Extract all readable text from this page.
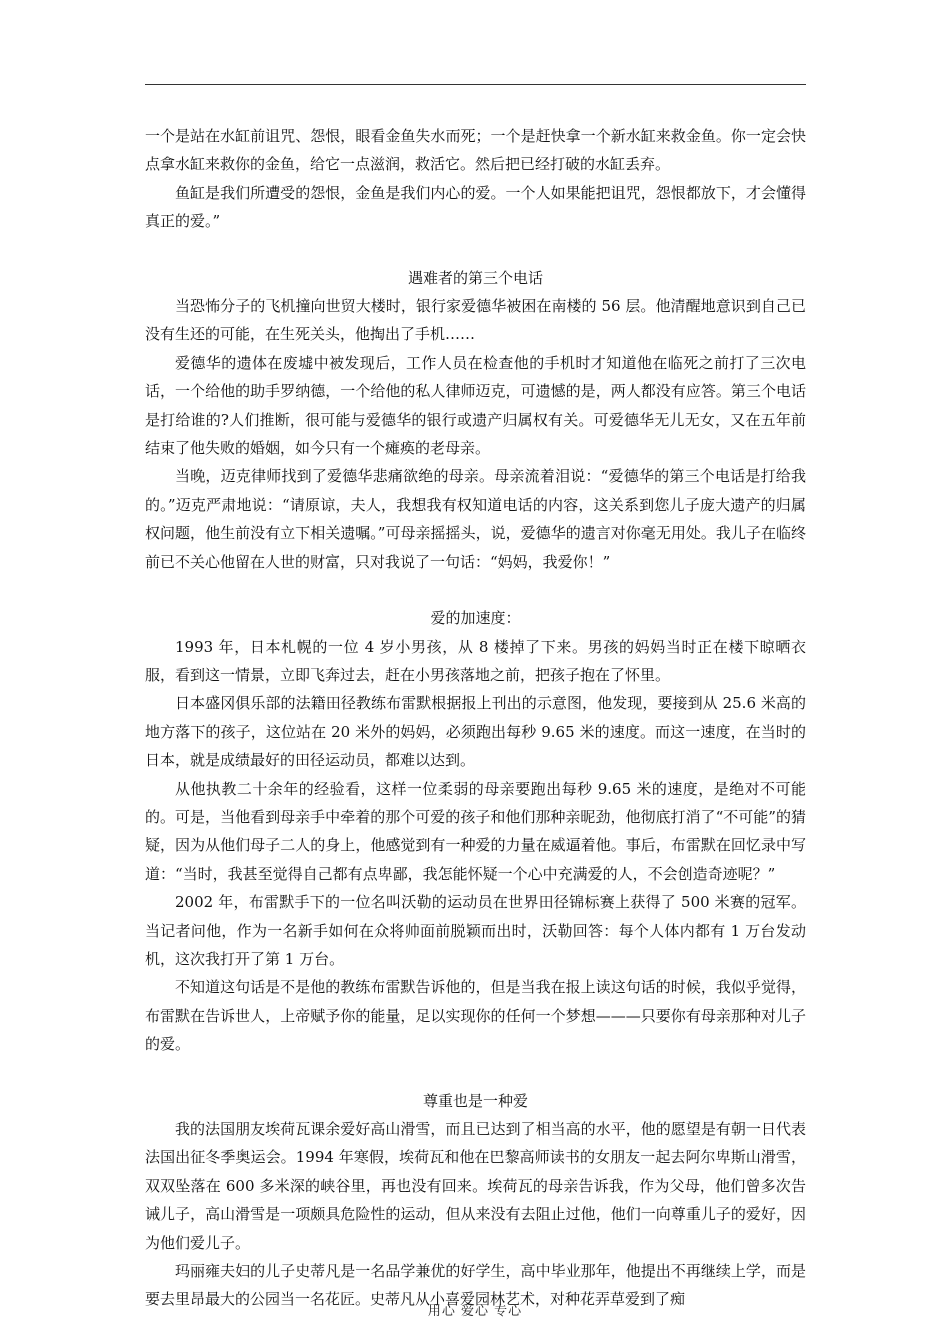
一个是站在水缸前诅咒、怨恨，眼看金鱼失水而死；一个是赶快拿一个新水缸来救金鱼。你一定会快点拿水缸来救你的金鱼，给它一点滋润，救活它。然后把已经打破的水缸丢弃。

鱼缸是我们所遭受的怨恨，金鱼是我们内心的爱。一个人如果能把诅咒，怨恨都放下，才会懂得真正的爱。”

遇难者的第三个电话

当恐怖分子的飞机撞向世贸大楼时，银行家爱德华被困在南楼的 56 层。他清醒地意识到自己已没有生还的可能，在生死关头，他掏出了手机……

爱德华的遗体在废墟中被发现后，工作人员在检查他的手机时才知道他在临死之前打了三次电话，一个给他的助手罗纳德，一个给他的私人律师迈克，可遗憾的是，两人都没有应答。第三个电话是打给谁的?人们推断，很可能与爱德华的银行或遗产归属权有关。可爱德华无儿无女，又在五年前结束了他失败的婚姻，如今只有一个瘫痪的老母亲。

当晚，迈克律师找到了爱德华悲痛欲绝的母亲。母亲流着泪说：“爱德华的第三个电话是打给我的。”迈克严肃地说：“请原谅，夫人，我想我有权知道电话的内容，这关系到您儿子庞大遗产的归属权问题，他生前没有立下相关遗嘱。”可母亲摇摇头，说，爱德华的遗言对你毫无用处。我儿子在临终前已不关心他留在人世的财富，只对我说了一句话：“妈妈，我爱你！”

爱的加速度：

1993 年，日本札幌的一位 4 岁小男孩，从 8 楼掉了下来。男孩的妈妈当时正在楼下晾晒衣服，看到这一情景，立即飞奔过去，赶在小男孩落地之前，把孩子抱在了怀里。

日本盛冈俱乐部的法籍田径教练布雷默根据报上刊出的示意图，他发现，要接到从 25.6 米高的地方落下的孩子，这位站在 20 米外的妈妈，必须跑出每秒 9.65 米的速度。而这一速度，在当时的日本，就是成绩最好的田径运动员，都难以达到。

从他执教二十余年的经验看，这样一位柔弱的母亲要跑出每秒 9.65 米的速度，是绝对不可能的。可是，当他看到母亲手中牵着的那个可爱的孩子和他们那种亲昵劲，他彻底打消了“不可能”的猜疑，因为从他们母子二人的身上，他感觉到有一种爱的力量在威逼着他。事后，布雷默在回忆录中写道：“当时，我甚至觉得自己都有点卑鄙，我怎能怀疑一个心中充满爱的人，不会创造奇迹呢？”

2002 年，布雷默手下的一位名叫沃勒的运动员在世界田径锦标赛上获得了 500 米赛的冠军。当记者问他，作为一名新手如何在众将帅面前脱颖而出时，沃勒回答：每个人体内都有 1 万台发动机，这次我打开了第 1 万台。

不知道这句话是不是他的教练布雷默告诉他的，但是当我在报上读这句话的时候，我似乎觉得，布雷默在告诉世人，上帝赋予你的能量，足以实现你的任何一个梦想———只要你有母亲那种对儿子的爱。

尊重也是一种爱

我的法国朋友埃荷瓦课余爱好高山滑雪，而且已达到了相当高的水平，他的愿望是有朝一日代表法国出征冬季奥运会。1994 年寒假，埃荷瓦和他在巴黎高师读书的女朋友一起去阿尔卑斯山滑雪，双双坠落在 600 多米深的峡谷里，再也没有回来。埃荷瓦的母亲告诉我，作为父母，他们曾多次告诫儿子，高山滑雪是一项颇具危险性的运动，但从来没有去阻止过他，他们一向尊重儿子的爱好，因为他们爱儿子。

玛丽雍夫妇的儿子史蒂凡是一名品学兼优的好学生，高中毕业那年，他提出不再继续上学，而是要去里昂最大的公园当一名花匠。史蒂凡从小喜爱园林艺术，对种花弄草爱到了痴

用心 爱心 专心
